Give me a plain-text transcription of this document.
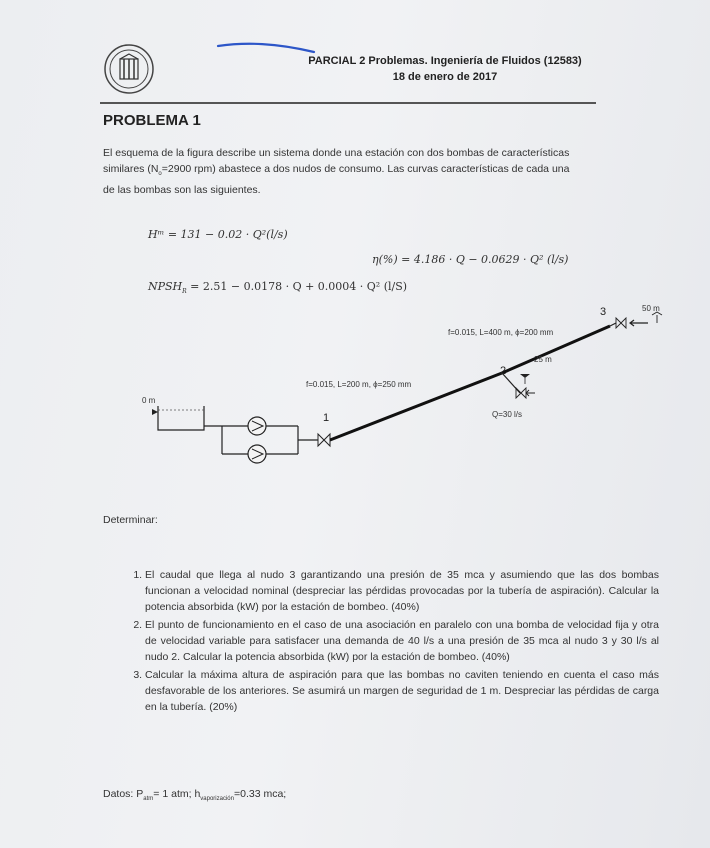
PARCIAL 2 Problemas. Ingeniería de Fluidos (12583)
18 de enero de 2017
PROBLEMA 1
El esquema de la figura describe un sistema donde una estación con dos bombas de características similares ($N_o=2900$ rpm) abastece a dos nudos de consumo. Las curvas características de cada una de las bombas son las siguientes.
Hᵐ = 131 − 0.02 · Q²(l/s)
η(%) = 4.186 · Q − 0.0629 · Q² (l/s)
$NPSH_R = 2.51 - 0.0178 \cdot Q + 0.0004 \cdot Q^2$ (l/S)
f=0.015, L=400 m, ϕ=200 mm
f=0.015, L=200 m, ϕ=250 mm
0 m
50 m
25 m
Q=30 l/s
1
2
3
Determinar:
1. El caudal que llega al nudo 3 garantizando una presión de 35 mca y asumiendo que las dos bombas funcionan a velocidad nominal (despreciar las pérdidas provocadas por la tubería de aspiración). Calcular la potencia absorbida (kW) por la estación de bombeo. (40%)
2. El punto de funcionamiento en el caso de una asociación en paralelo con una bomba de velocidad fija y otra de velocidad variable para satisfacer una demanda de 40 l/s a una presión de 35 mca al nudo 3 y 30 l/s al nudo 2. Calcular la potencia absorbida (kW) por la estación de bombeo. (40%)
3. Calcular la máxima altura de aspiración para que las bombas no caviten teniendo en cuenta el caso más desfavorable de los anteriores. Se asumirá un margen de seguridad de 1 m. Despreciar las pérdidas de carga en la tubería. (20%)
Datos: $P_{atm}= 1$ atm; $h_{vaporización}=0.33$ mca;
